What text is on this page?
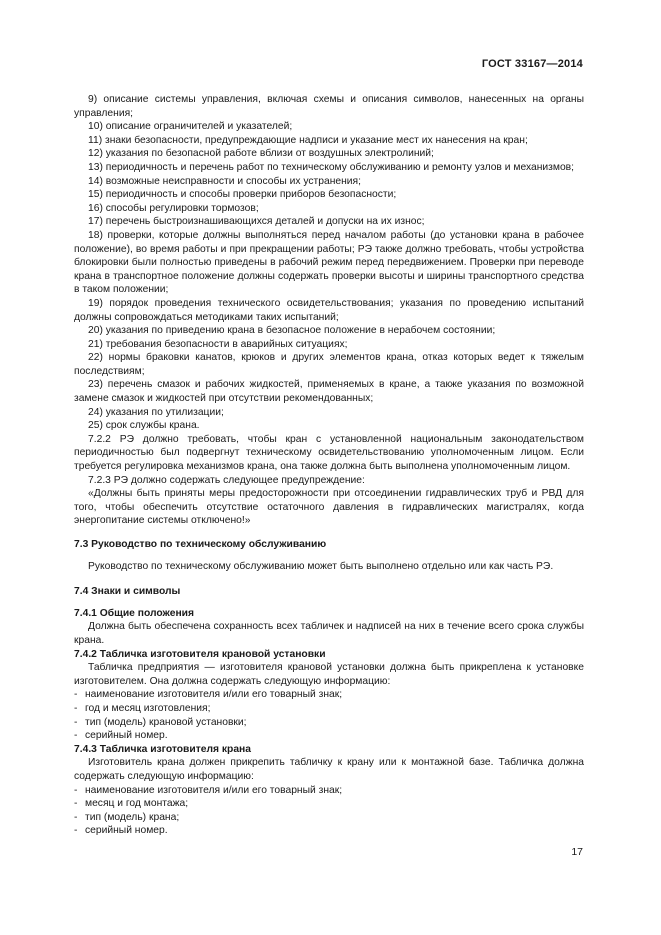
ГОСТ 33167—2014

9) описание системы управления, включая схемы и описания символов, нанесенных на органы управления;

10) описание ограничителей и указателей;

11) знаки безопасности, предупреждающие надписи и указание мест их нанесения на кран;

12) указания по безопасной работе вблизи от воздушных электролиний;

13) периодичность и перечень работ по техническому обслуживанию и ремонту узлов и механизмов;

14) возможные неисправности и способы их устранения;

15) периодичность и способы проверки приборов безопасности;

16) способы регулировки тормозов;

17) перечень быстроизнашивающихся деталей и допуски на их износ;

18) проверки, которые должны выполняться перед началом работы (до установки крана в рабочее положение), во время работы и при прекращении работы; РЭ также должно требовать, чтобы устройства блокировки были полностью приведены в рабочий режим перед передвижением. Проверки при переводе крана в транспортное положение должны содержать проверки высоты и ширины транспортного средства в таком положении;

19) порядок проведения технического освидетельствования; указания по проведению испытаний должны сопровождаться методиками таких испытаний;

20) указания по приведению крана в безопасное положение в нерабочем состоянии;

21) требования безопасности в аварийных ситуациях;

22) нормы браковки канатов, крюков и других элементов крана, отказ которых ведет к тяжелым последствиям;

23) перечень смазок и рабочих жидкостей, применяемых в кране, а также указания по возможной замене смазок и жидкостей при отсутствии рекомендованных;

24) указания по утилизации;

25) срок службы крана.

7.2.2 РЭ должно требовать, чтобы кран с установленной национальным законодательством периодичностью был подвергнут техническому освидетельствованию уполномоченным лицом. Если требуется регулировка механизмов крана, она также должна быть выполнена уполномоченным лицом.

7.2.3 РЭ должно содержать следующее предупреждение:

«Должны быть приняты меры предосторожности при отсоединении гидравлических труб и РВД для того, чтобы обеспечить отсутствие остаточного давления в гидравлических магистралях, когда энергопитание системы отключено!»

7.3 Руководство по техническому обслуживанию

Руководство по техническому обслуживанию может быть выполнено отдельно или как часть РЭ.

7.4 Знаки и символы

7.4.1 Общие положения

Должна быть обеспечена сохранность всех табличек и надписей на них в течение всего срока службы крана.

7.4.2 Табличка изготовителя крановой установки

Табличка предприятия — изготовителя крановой установки должна быть прикреплена к установке изготовителем. Она должна содержать следующую информацию:

- наименование изготовителя и/или его товарный знак;

- год и месяц изготовления;

- тип (модель) крановой установки;

- серийный номер.

7.4.3 Табличка изготовителя крана

Изготовитель крана должен прикрепить табличку к крану или к монтажной базе. Табличка должна содержать следующую информацию:

- наименование изготовителя и/или его товарный знак;

- месяц и год монтажа;

- тип (модель) крана;

- серийный номер.

17
